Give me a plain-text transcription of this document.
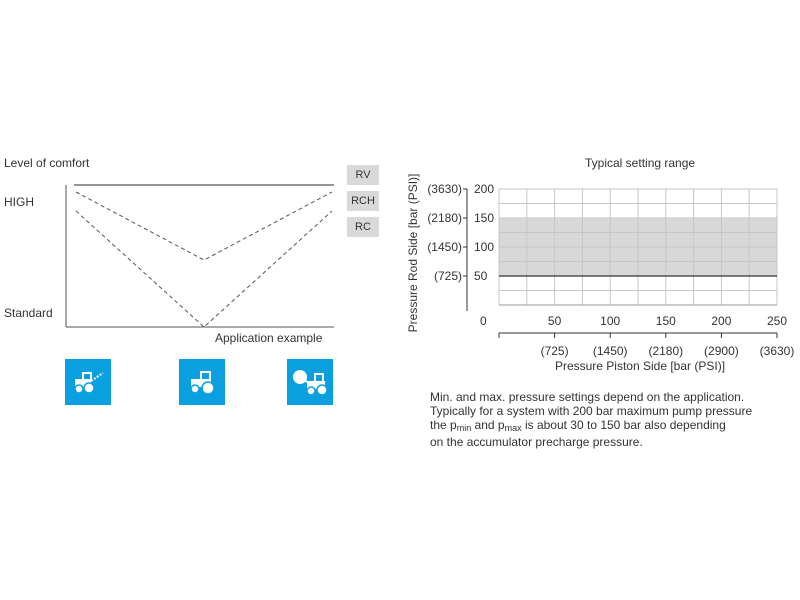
Level of comfort
HIGH
Standard
Application example
RV
RCH
RC
Typical setting range
50
(725)
100
(1450)
150
(2180)
200
(3630)
0	50
(725)
100
(1450)
150
(2180)
200
(2900)
250
(3630)
Pressure Piston Side [bar (PSI)]
Pressure Rod Side [bar (PSI)]
Min. and max. pressure settings depend on the application.
Typically for a system with 200 bar maximum pump pressure
the $p_{min}$ and $p_{max}$ is about 30 to 150 bar also depending
on the accumulator precharge pressure.
